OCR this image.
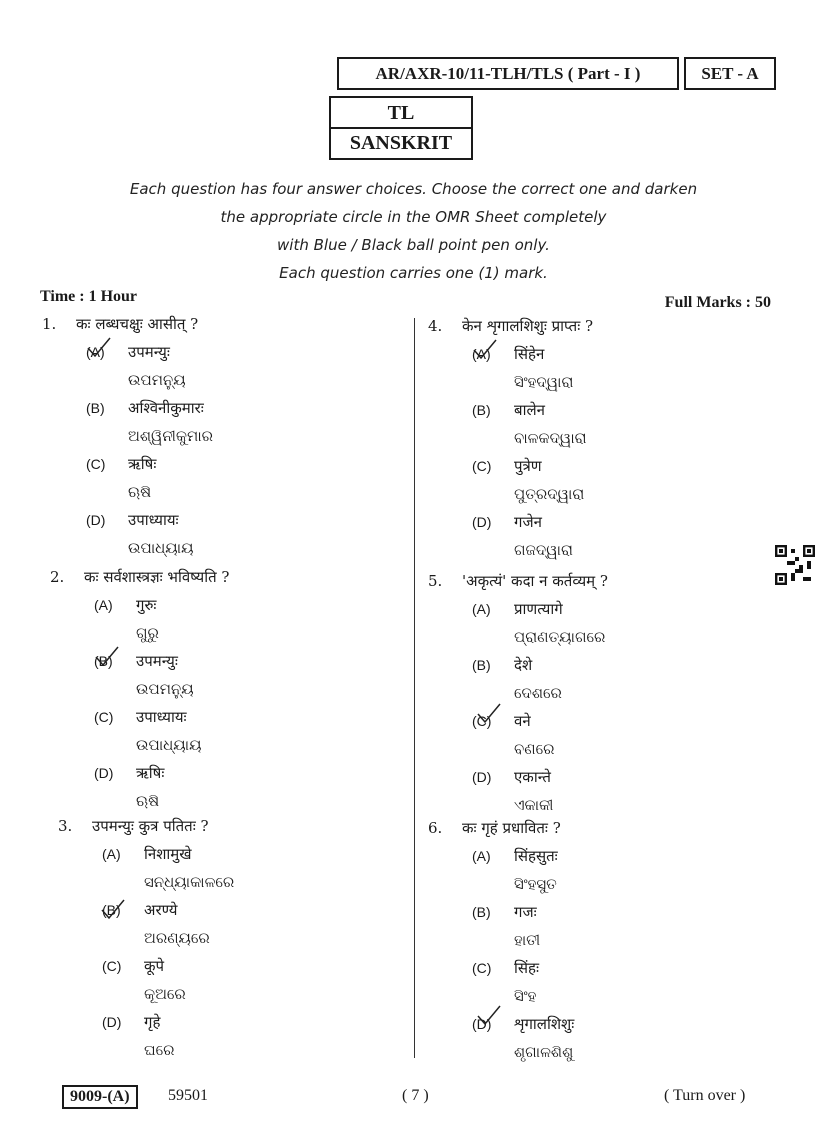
AR/AXR-10/11-TLH/TLS ( Part - I )	SET - A
TL
SANSKRIT
Each question has four answer choices. Choose the correct one and darken
the appropriate circle in the OMR Sheet completely
with Blue / Black ball point pen only.
Each question carries one (1) mark.
Time : 1 Hour	Full Marks : 50
1. कः लब्धचक्षुः आसीत् ?
(A) उपमन्युः
ଉପମନ୍ୟୁ
(B) अश्विनीकुमारः
ଅଶ୍ୱିନୀକୁମାର
(C) ऋषिः
ଋଷି
(D) उपाध्यायः
ଉପାଧ୍ୟାୟ
2. कः सर्वशास्त्रज्ञः भविष्यति ?
(A) गुरुः
ଗୁରୁ
(B) उपमन्युः
ଉପମନ୍ୟୁ
(C) उपाध्यायः
ଉପାଧ୍ୟାୟ
(D) ऋषिः
ଋଷି
3. उपमन्युः कुत्र पतितः ?
(A) निशामुखे
ସନ୍ଧ୍ୟାକାଳରେ
(B) अरण्ये
ଅରଣ୍ୟରେ
(C) कूपे
କୂଅରେ
(D) गृहे
ଘରେ
4. केन शृगालशिशुः प्राप्तः ?
(A) सिंहेन
ସିଂହଦ୍ୱାରା
(B) बालेन
ବାଳକଦ୍ୱାରା
(C) पुत्रेण
ପୁତ୍ରଦ୍ୱାରା
(D) गजेन
ଗଜଦ୍ୱାରା
5. 'अकृत्यं' कदा न कर्तव्यम् ?
(A) प्राणत्यागे
ପ୍ରାଣତ୍ୟାଗରେ
(B) देशे
ଦେଶରେ
(C) वने
ବଣରେ
(D) एकान्ते
ଏକାକୀ
6. कः गृहं प्रधावितः ?
(A) सिंहसुतः
ସିଂହସୁତ
(B) गजः
ହାତୀ
(C) सिंहः
ସିଂହ
(D) शृगालशिशुः
ଶୃଗାଳଶିଶୁ
9009-(A)	59501	( 7 )	( Turn over )
